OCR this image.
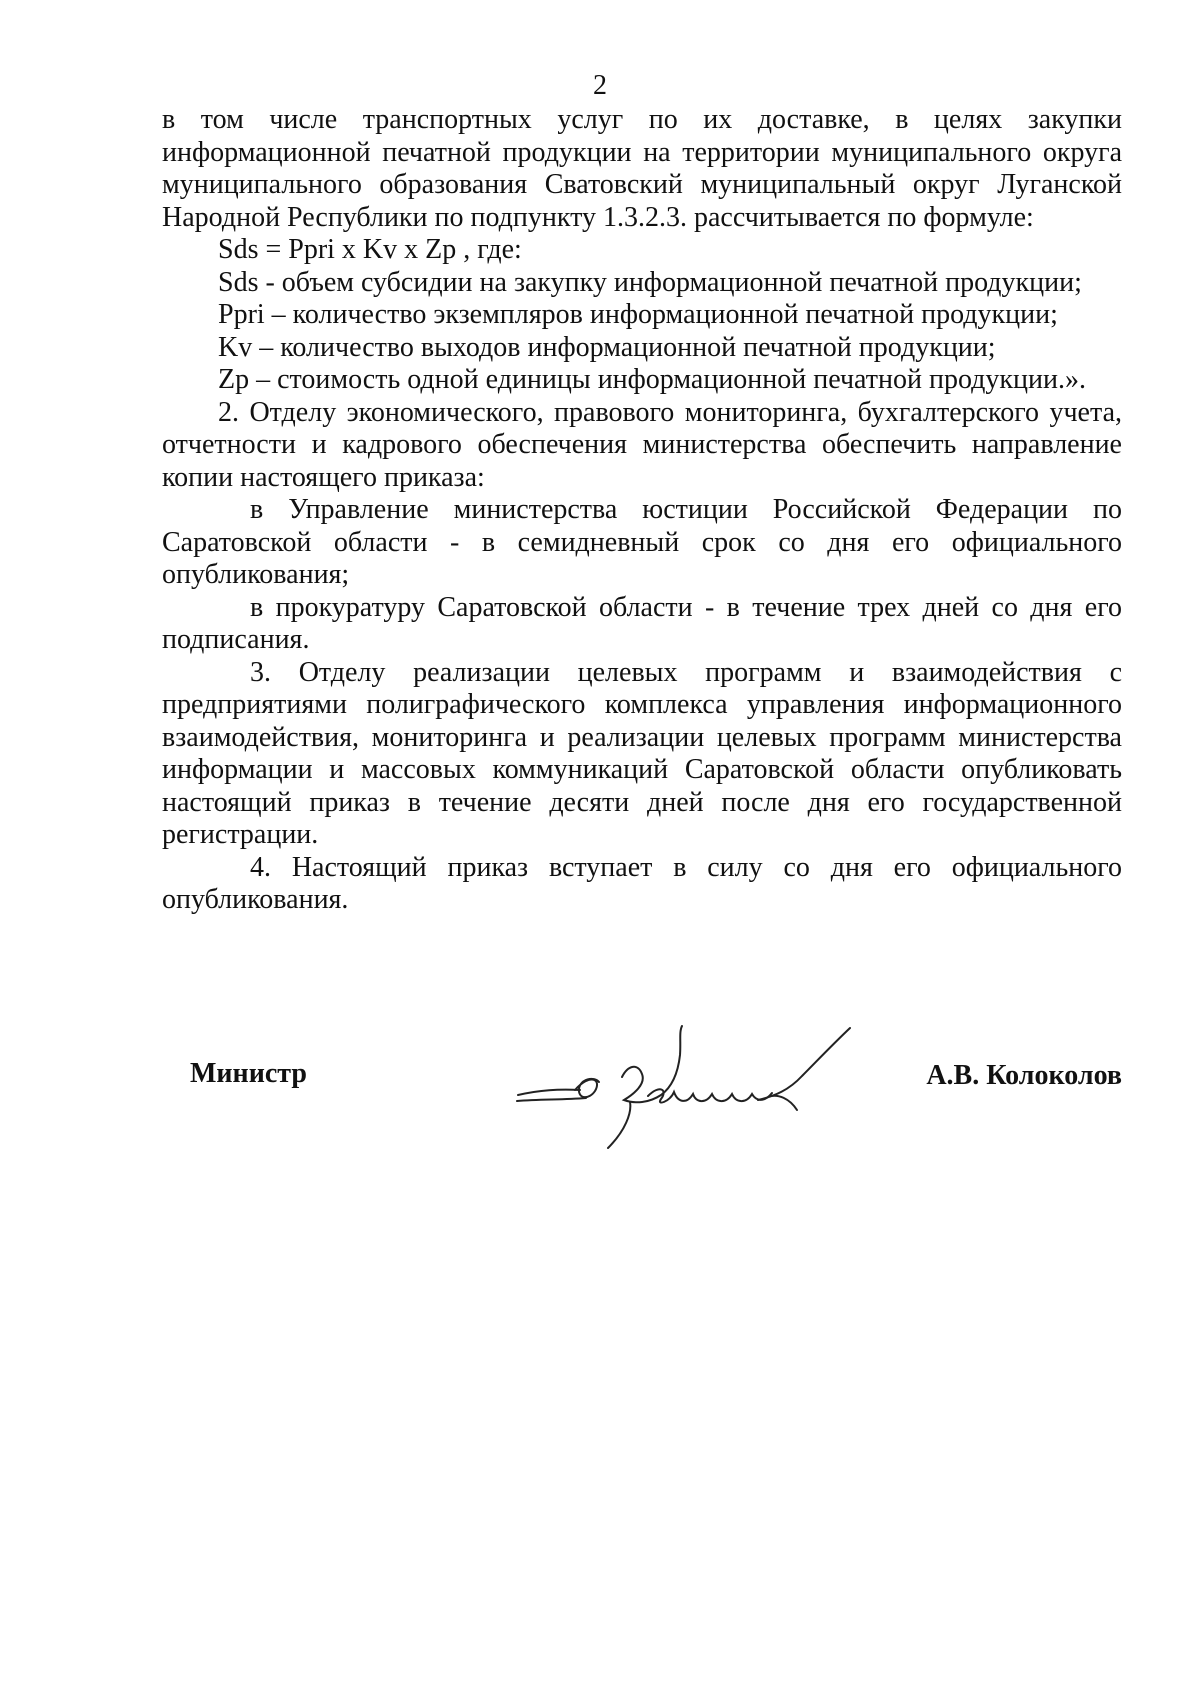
2

в том числе транспортных услуг по их доставке, в целях закупки информационной печатной продукции на территории муниципального округа муниципального образования Сватовский муниципальный округ Луганской Народной Республики по подпункту 1.3.2.3. рассчитывается по формуле:

Sds = Ppri x Kv x Zp , где:

Sds - объем субсидии на закупку информационной печатной продукции;

Ppri – количество экземпляров информационной печатной продукции;

Kv – количество выходов информационной печатной продукции;

Zp – стоимость одной единицы информационной печатной продукции.».

2. Отделу экономического, правового мониторинга, бухгалтерского учета, отчетности и кадрового обеспечения министерства обеспечить направление копии настоящего приказа:

в Управление министерства юстиции Российской Федерации по Саратовской области - в семидневный срок со дня его официального опубликования;

в прокуратуру Саратовской области - в течение трех дней со дня его подписания.

3. Отделу реализации целевых программ и взаимодействия с предприятиями полиграфического комплекса управления информационного взаимодействия, мониторинга и реализации целевых программ министерства информации и массовых коммуникаций Саратовской области опубликовать настоящий приказ в течение десяти дней после дня его государственной регистрации.

4. Настоящий приказ вступает в силу со дня его официального опубликования.

Министр	А.В. Колоколов
